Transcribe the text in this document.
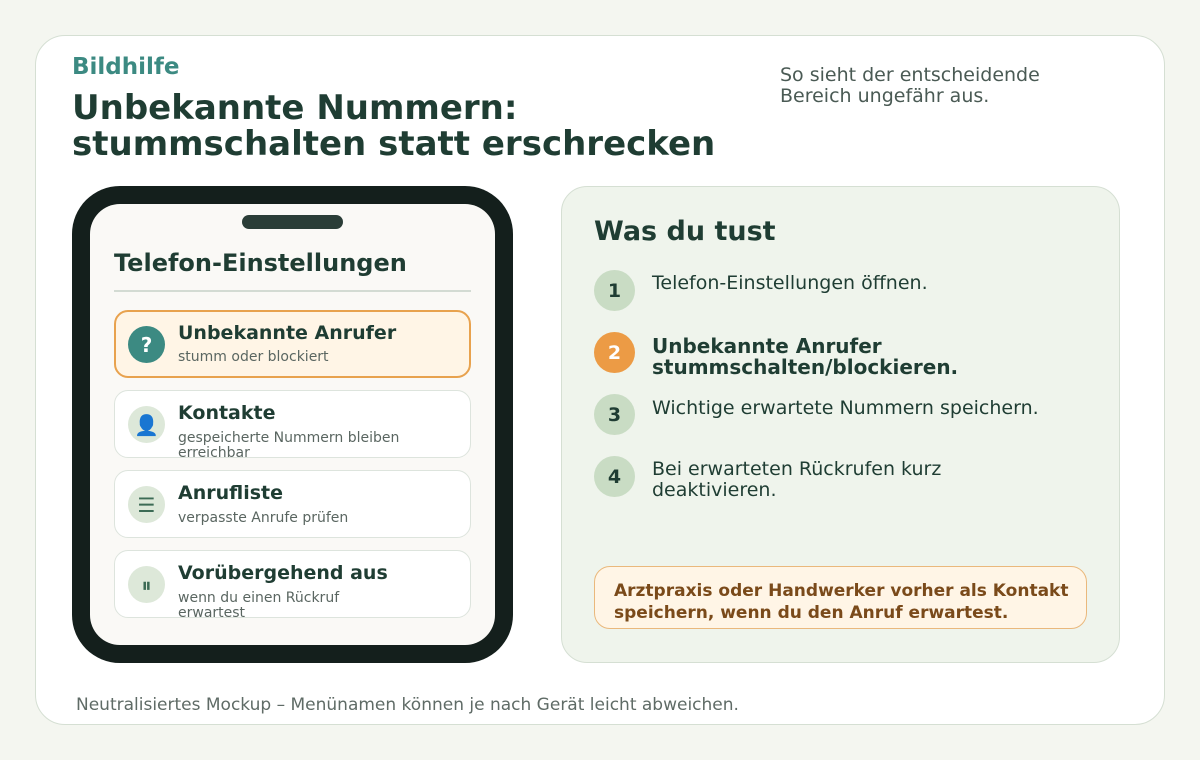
Bildhilfe
Unbekannte Nummern: stummschalten statt erschrecken
So sieht der entscheidende Bereich ungefähr aus.
Telefon-Einstellungen
?	Unbekannte Anrufer
stumm oder blockiert
👤	Kontakte
gespeicherte Nummern bleiben erreichbar
☰	Anrufliste
verpasste Anrufe prüfen
⏸	Vorübergehend aus
wenn du einen Rückruf erwartest
Was du tust
1	Telefon-Einstellungen öffnen.
2	Unbekannte Anrufer stummschalten/blockieren.
3	Wichtige erwartete Nummern speichern.
4	Bei erwarteten Rückrufen kurz deaktivieren.
Arztpraxis oder Handwerker vorher als Kontakt speichern, wenn du den Anruf erwartest.
Neutralisiertes Mockup – Menünamen können je nach Gerät leicht abweichen.
